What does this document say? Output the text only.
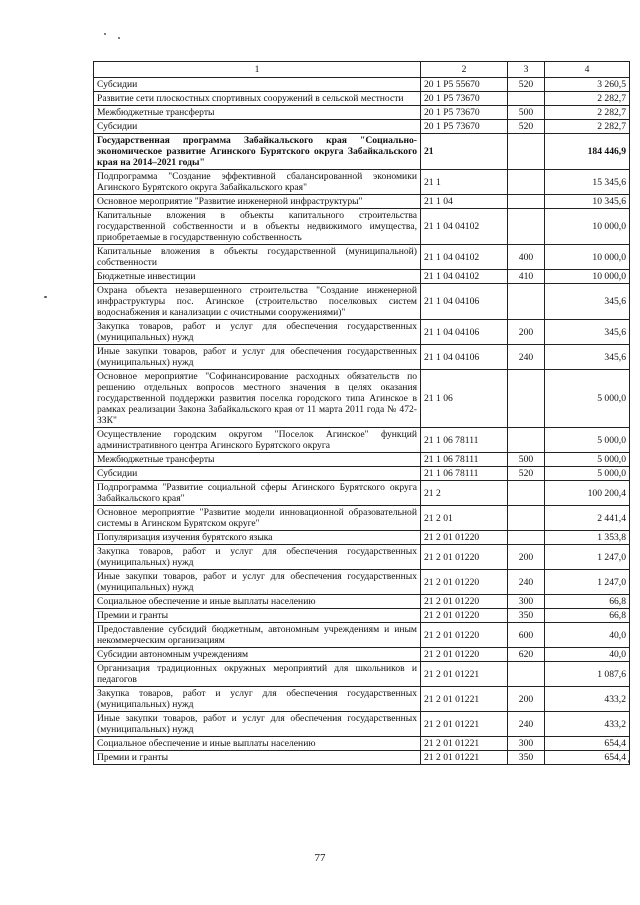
1	2	3	4
Субсидии	20 1 P5 55670	520	3 260,5
Развитие сети плоскостных спортивных сооружений в сельской местности	20 1 P5 73670		2 282,7
Межбюджетные трансферты	20 1 P5 73670	500	2 282,7
Субсидии	20 1 P5 73670	520	2 282,7
Государственная программа Забайкальского края "Социально-экономическое развитие Агинского Бурятского округа Забайкальского края на 2014–2021 годы"	21		184 446,9
Подпрограмма "Создание эффективной сбалансированной экономики Агинского Бурятского округа Забайкальского края"	21 1		15 345,6
Основное мероприятие "Развитие инженерной инфраструктуры"	21 1 04		10 345,6
Капитальные вложения в объекты капитального строительства государственной собственности и в объекты недвижимого имущества, приобретаемые в государственную собственность	21 1 04 04102		10 000,0
Капитальные вложения в объекты государственной (муниципальной) собственности	21 1 04 04102	400	10 000,0
Бюджетные инвестиции	21 1 04 04102	410	10 000,0
Охрана объекта незавершенного строительства "Создание инженерной инфраструктуры пос. Агинское (строительство поселковых систем водоснабжения и канализации с очистными сооружениями)"	21 1 04 04106		345,6
Закупка товаров, работ и услуг для обеспечения государственных (муниципальных) нужд	21 1 04 04106	200	345,6
Иные закупки товаров, работ и услуг для обеспечения государственных (муниципальных) нужд	21 1 04 04106	240	345,6
Основное мероприятие "Софинансирование расходных обязательств по решению отдельных вопросов местного значения в целях оказания государственной поддержки развития поселка городского типа Агинское в рамках реализации Закона Забайкальского края от 11 марта 2011 года № 472-ЗЗК"	21 1 06		5 000,0
Осуществление городским округом "Поселок Агинское" функций административного центра Агинского Бурятского округа	21 1 06 78111		5 000,0
Межбюджетные трансферты	21 1 06 78111	500	5 000,0
Субсидии	21 1 06 78111	520	5 000,0
Подпрограмма "Развитие социальной сферы Агинского Бурятского округа Забайкальского края"	21 2		100 200,4
Основное мероприятие "Развитие модели инновационной образовательной системы в Агинском Бурятском округе"	21 2 01		2 441,4
Популяризация изучения бурятского языка	21 2 01 01220		1 353,8
Закупка товаров, работ и услуг для обеспечения государственных (муниципальных) нужд	21 2 01 01220	200	1 247,0
Иные закупки товаров, работ и услуг для обеспечения государственных (муниципальных) нужд	21 2 01 01220	240	1 247,0
Социальное обеспечение и иные выплаты населению	21 2 01 01220	300	66,8
Премии и гранты	21 2 01 01220	350	66,8
Предоставление субсидий бюджетным, автономным учреждениям и иным некоммерческим организациям	21 2 01 01220	600	40,0
Субсидии автономным учреждениям	21 2 01 01220	620	40,0
Организация традиционных окружных мероприятий для школьников и педагогов	21 2 01 01221		1 087,6
Закупка товаров, работ и услуг для обеспечения государственных (муниципальных) нужд	21 2 01 01221	200	433,2
Иные закупки товаров, работ и услуг для обеспечения государственных (муниципальных) нужд	21 2 01 01221	240	433,2
Социальное обеспечение и иные выплаты населению	21 2 01 01221	300	654,4
Премии и гранты	21 2 01 01221	350	654,4
77
